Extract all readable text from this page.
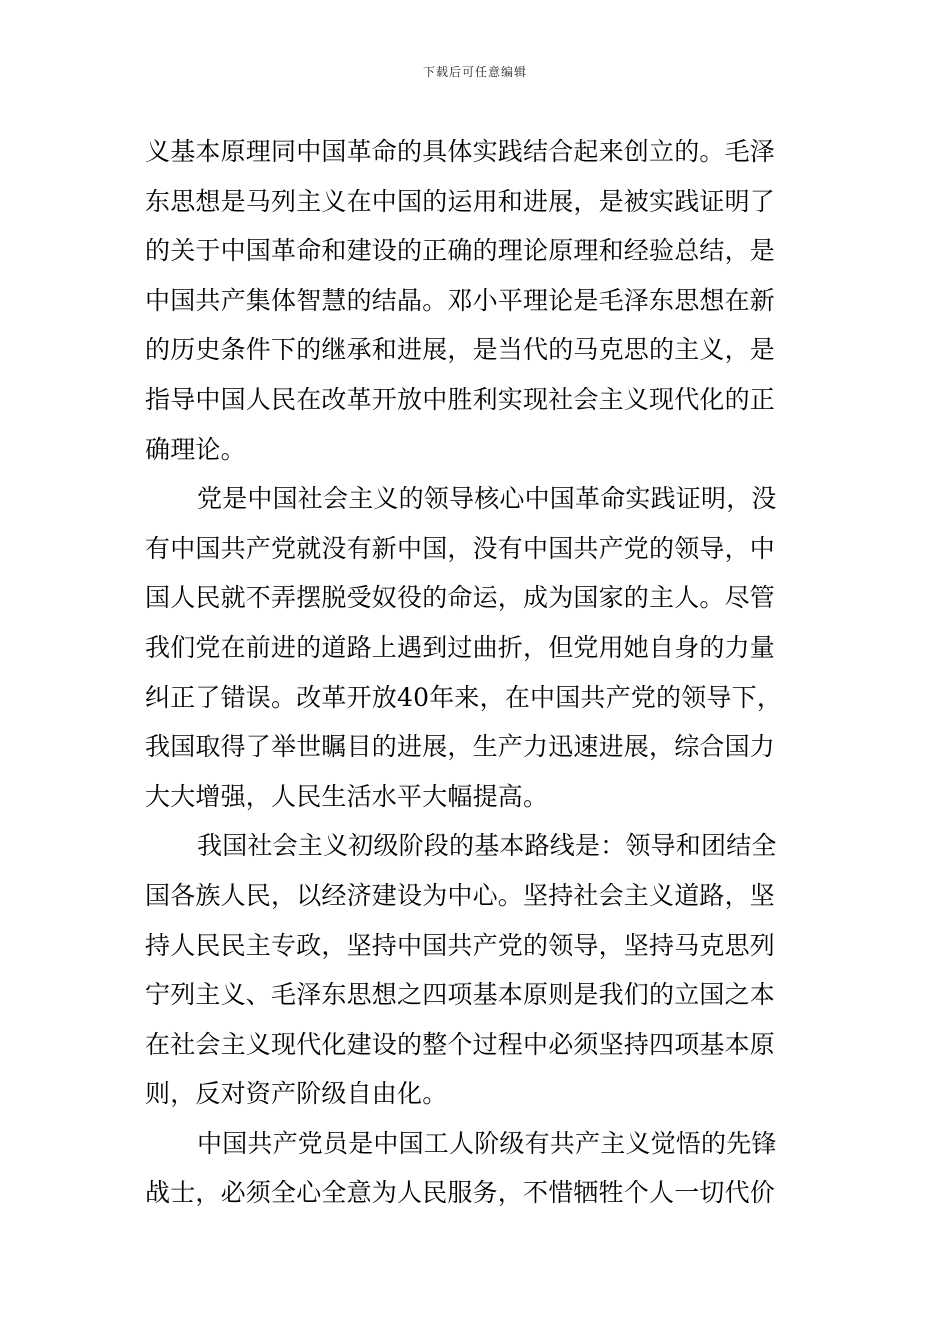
下载后可任意编辑
义基本原理同中国革命的具体实践结合起来创立的。毛泽
东思想是马列主义在中国的运用和进展，是被实践证明了
的关于中国革命和建设的正确的理论原理和经验总结，是
中国共产集体智慧的结晶。邓小平理论是毛泽东思想在新
的历史条件下的继承和进展，是当代的马克思的主义，是
指导中国人民在改革开放中胜利实现社会主义现代化的正
确理论。
党是中国社会主义的领导核心中国革命实践证明，没
有中国共产党就没有新中国，没有中国共产党的领导，中
国人民就不弄摆脱受奴役的命运，成为国家的主人。尽管
我们党在前进的道路上遇到过曲折，但党用她自身的力量
纠正了错误。改革开放40年来，在中国共产党的领导下，
我国取得了举世瞩目的进展，生产力迅速进展，综合国力
大大增强，人民生活水平大幅提高。
我国社会主义初级阶段的基本路线是：领导和团结全
国各族人民，以经济建设为中心。坚持社会主义道路，坚
持人民民主专政，坚持中国共产党的领导，坚持马克思列
宁列主义、毛泽东思想之四项基本原则是我们的立国之本
在社会主义现代化建设的整个过程中必须坚持四项基本原
则，反对资产阶级自由化。
中国共产党员是中国工人阶级有共产主义觉悟的先锋
战士，必须全心全意为人民服务，不惜牺牲个人一切代价
